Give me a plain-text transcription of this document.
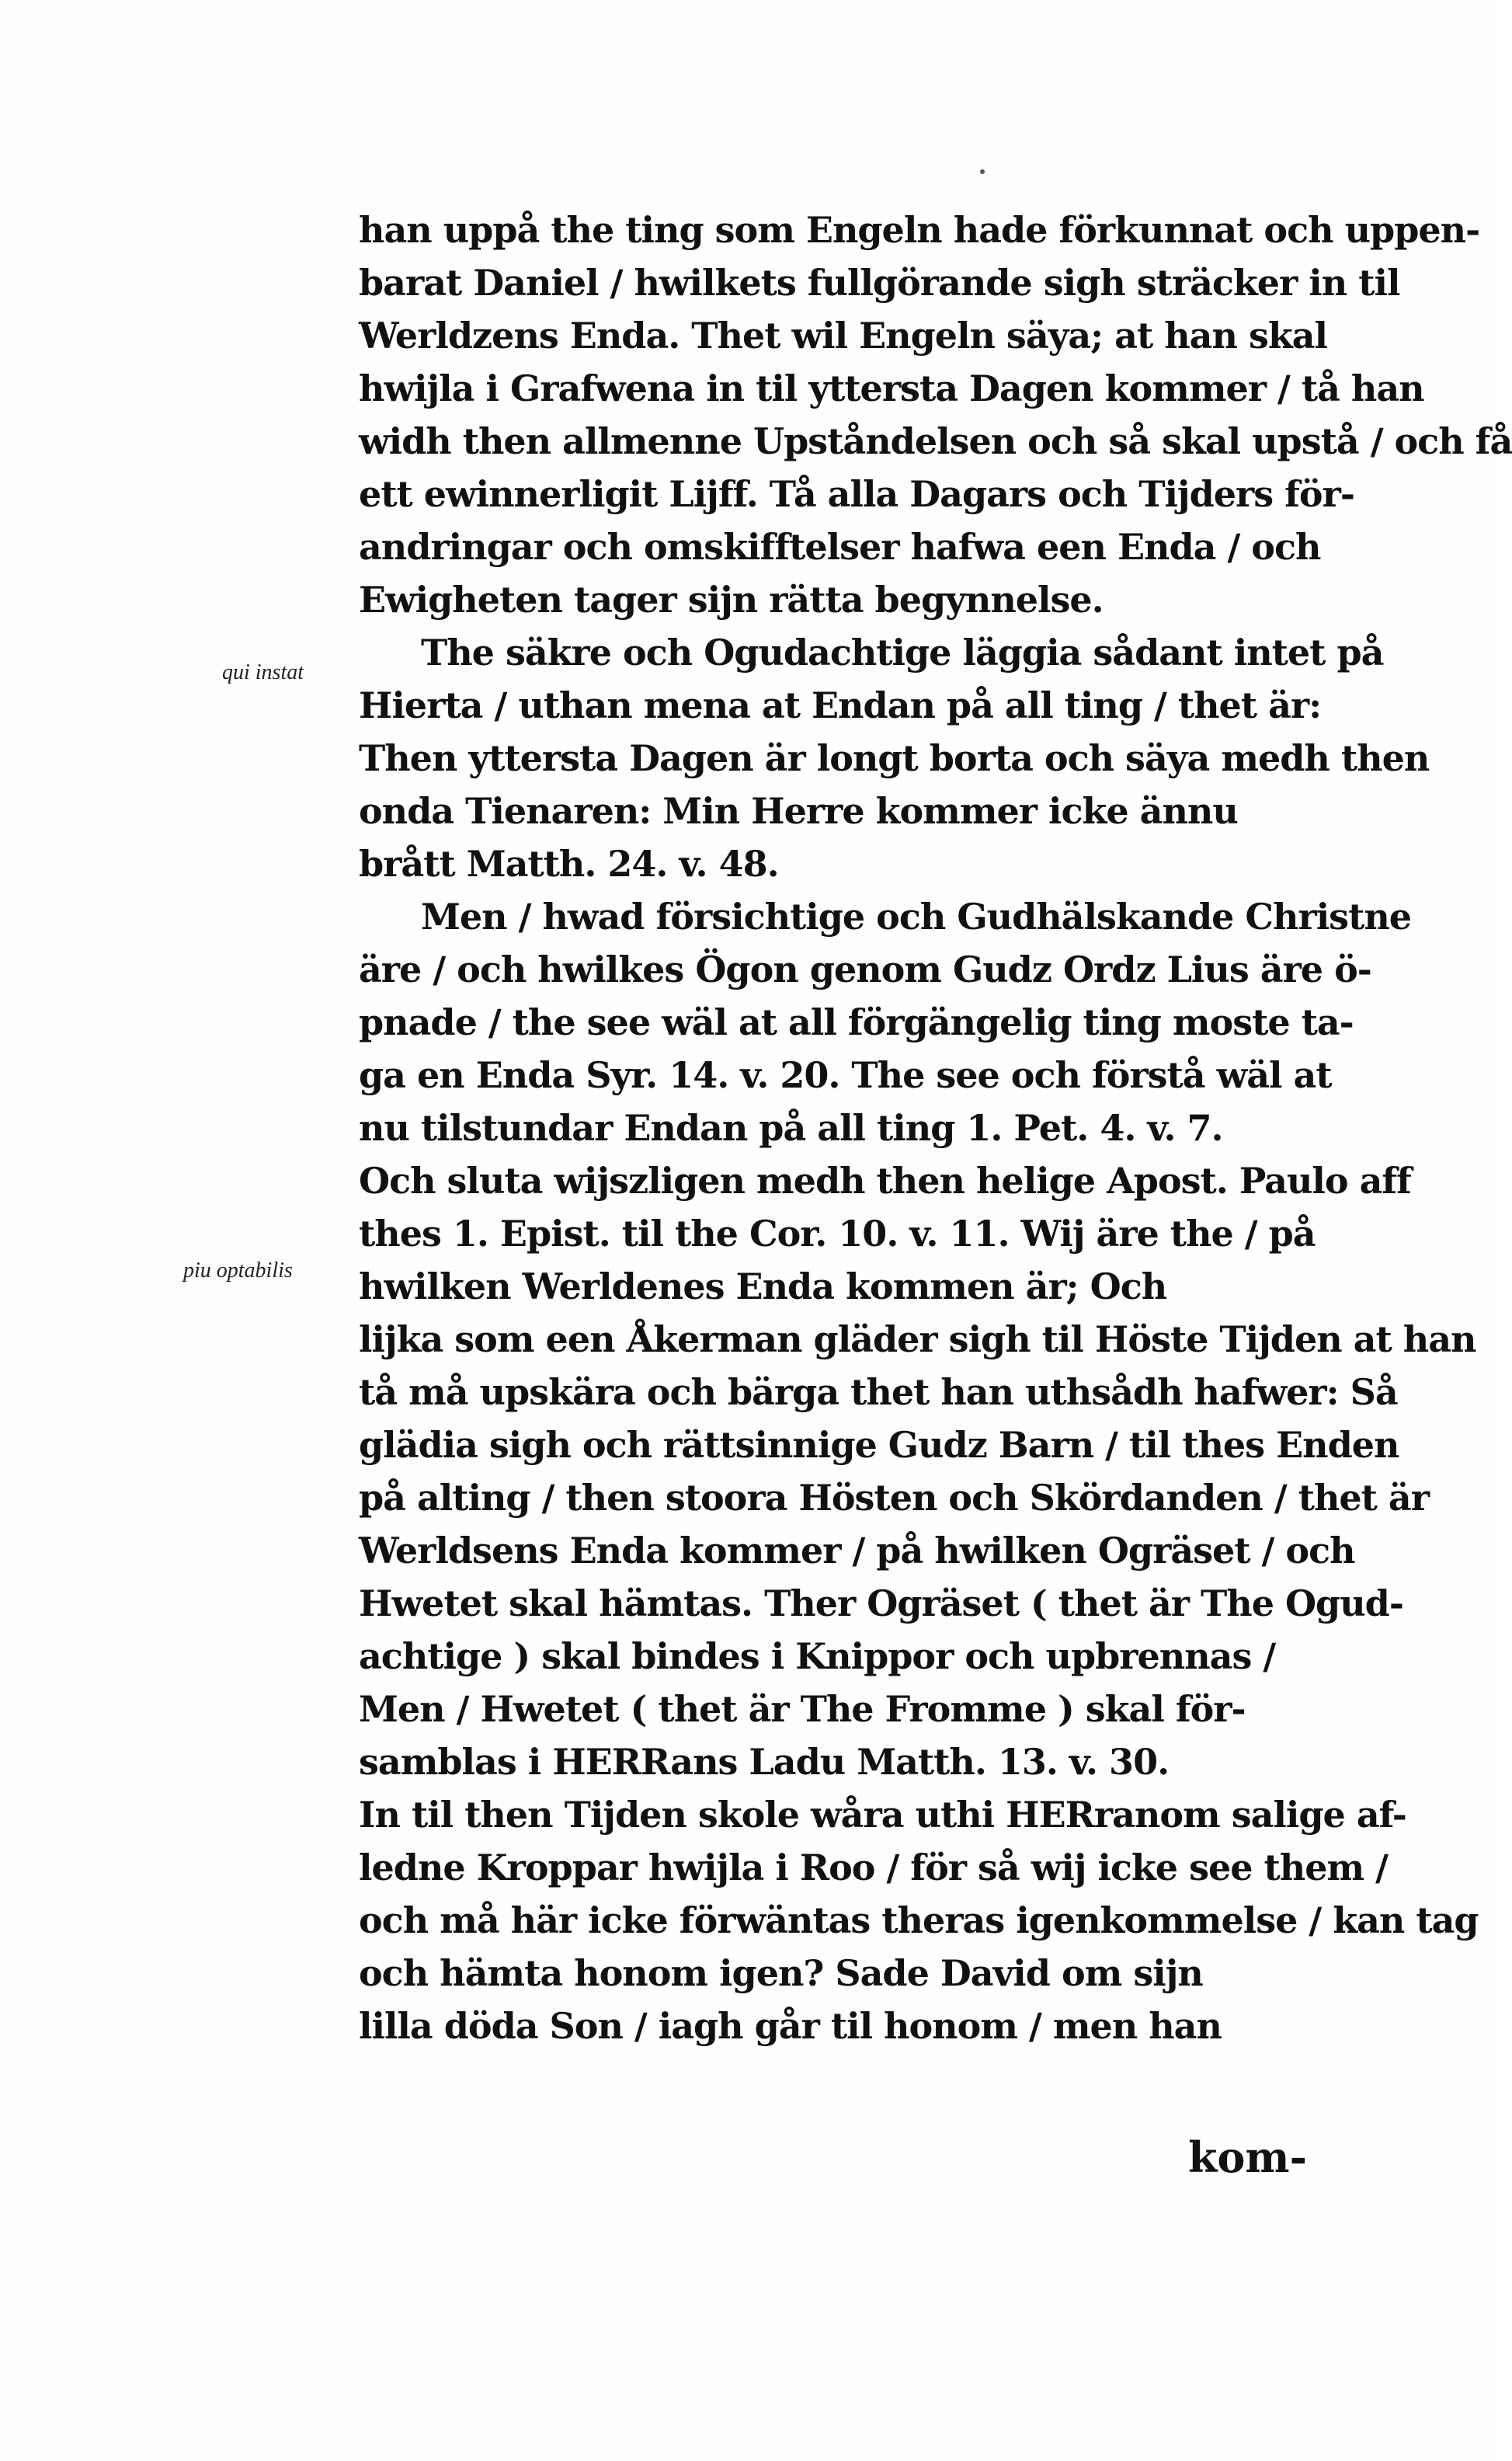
qui instat
piu optabilis
han uppå the ting som Engeln hade förkunnat och uppen-
barat Daniel / hwilkets fullgörande sigh sträcker in til
Werldzens Enda. Thet wil Engeln säya; at han skal
hwijla i Grafwena in til yttersta Dagen kommer / tå han
widh then allmenne Upståndelsen och så skal upstå / och få
ett ewinnerligit Lijff. Tå alla Dagars och Tijders för-
andringar och omskifftelser hafwa een Enda / och
Ewigheten tager sijn rätta begynnelse.
The säkre och Ogudachtige läggia sådant intet på
Hierta / uthan mena at Endan på all ting / thet är:
Then yttersta Dagen är longt borta och säya medh then
onda Tienaren: Min Herre kommer icke ännu
brått Matth. 24. v. 48.
Men / hwad försichtige och Gudhälskande Christne
äre / och hwilkes Ögon genom Gudz Ordz Lius äre ö-
pnade / the see wäl at all förgängelig ting moste ta-
ga en Enda Syr. 14. v. 20. The see och förstå wäl at
nu tilstundar Endan på all ting 1. Pet. 4. v. 7.
Och sluta wijszligen medh then helige Apost. Paulo aff
thes 1. Epist. til the Cor. 10. v. 11. Wij äre the / på
hwilken Werldenes Enda kommen är; Och
lijka som een Åkerman gläder sigh til Höste Tijden at han
tå må upskära och bärga thet han uthsådh hafwer: Så
glädia sigh och rättsinnige Gudz Barn / til thes Enden
på alting / then stoora Hösten och Skördanden / thet är
Werldsens Enda kommer / på hwilken Ogräset / och
Hwetet skal hämtas. Ther Ogräset ( thet är The Ogud-
achtige ) skal bindes i Knippor och upbrennas /
Men / Hwetet ( thet är The Fromme ) skal för-
samblas i HERRans Ladu Matth. 13. v. 30.
In til then Tijden skole wåra uthi HERranom salige af-
ledne Kroppar hwijla i Roo / för så wij icke see them /
och må här icke förwäntas theras igenkommelse / kan tag
och hämta honom igen? Sade David om sijn
lilla döda Son / iagh går til honom / men han
kom-
